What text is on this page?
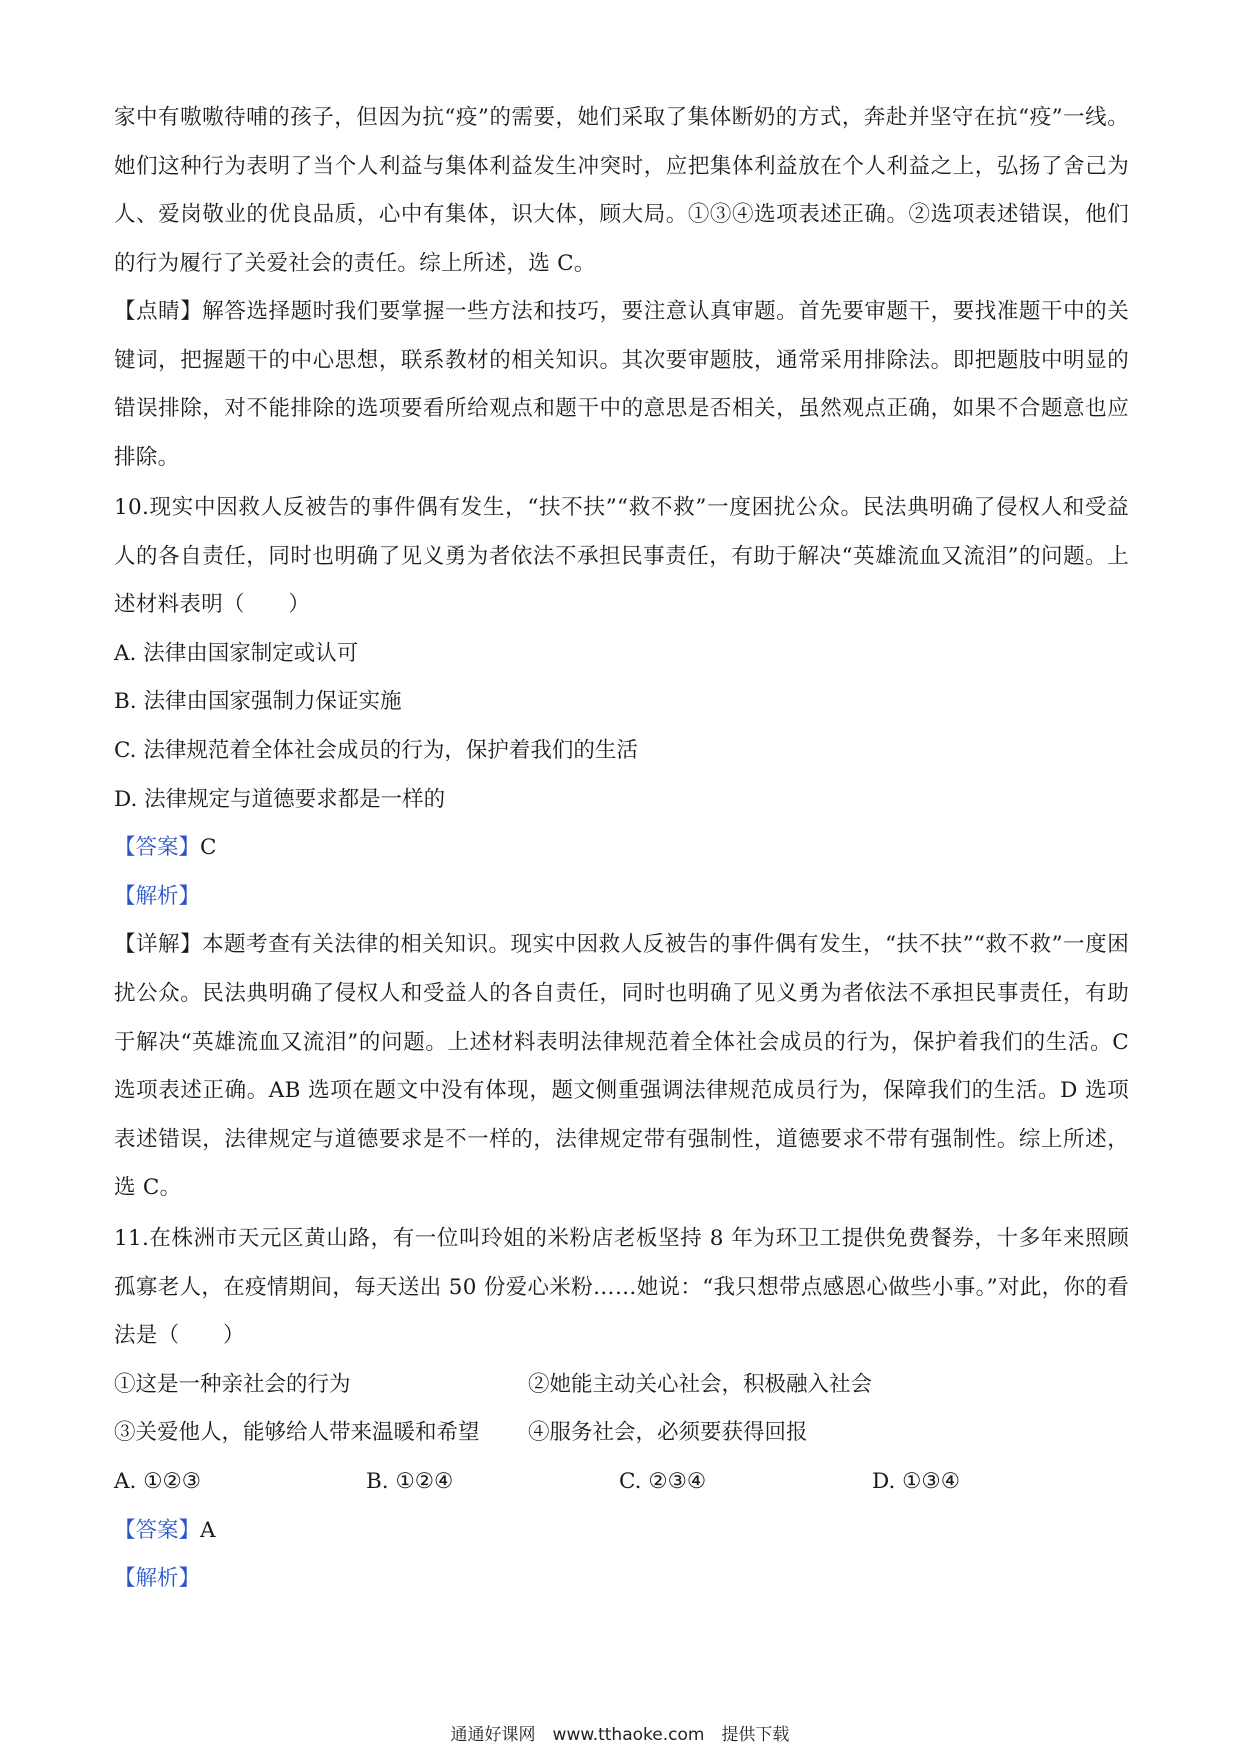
家中有嗷嗷待哺的孩子，但因为抗“疫”的需要，她们采取了集体断奶的方式，奔赴并坚守在抗“疫”一线。她们这种行为表明了当个人利益与集体利益发生冲突时，应把集体利益放在个人利益之上，弘扬了舍己为人、爱岗敬业的优良品质，心中有集体，识大体，顾大局。①③④选项表述正确。②选项表述错误，他们的行为履行了关爱社会的责任。综上所述，选 C。

【点睛】解答选择题时我们要掌握一些方法和技巧，要注意认真审题。首先要审题干，要找准题干中的关键词，把握题干的中心思想，联系教材的相关知识。其次要审题肢，通常采用排除法。即把题肢中明显的错误排除，对不能排除的选项要看所给观点和题干中的意思是否相关，虽然观点正确，如果不合题意也应排除。

10.现实中因救人反被告的事件偶有发生，“扶不扶”“救不救”一度困扰公众。民法典明确了侵权人和受益人的各自责任，同时也明确了见义勇为者依法不承担民事责任，有助于解决“英雄流血又流泪”的问题。上述材料表明（　　）

A. 法律由国家制定或认可

B. 法律由国家强制力保证实施

C. 法律规范着全体社会成员的行为，保护着我们的生活

D. 法律规定与道德要求都是一样的

【答案】C

【解析】

【详解】本题考查有关法律的相关知识。现实中因救人反被告的事件偶有发生，“扶不扶”“救不救”一度困扰公众。民法典明确了侵权人和受益人的各自责任，同时也明确了见义勇为者依法不承担民事责任，有助于解决“英雄流血又流泪”的问题。上述材料表明法律规范着全体社会成员的行为，保护着我们的生活。C 选项表述正确。AB 选项在题文中没有体现，题文侧重强调法律规范成员行为，保障我们的生活。D 选项表述错误，法律规定与道德要求是不一样的，法律规定带有强制性，道德要求不带有强制性。综上所述，选 C。

11.在株洲市天元区黄山路，有一位叫玲姐的米粉店老板坚持 8 年为环卫工提供免费餐券，十多年来照顾孤寡老人，在疫情期间，每天送出 50 份爱心米粉……她说：“我只想带点感恩心做些小事。”对此，你的看法是（　　）

①这是一种亲社会的行为	②她能主动关心社会，积极融入社会
③关爱他人，能够给人带来温暖和希望 ④服务社会，必须要获得回报
A. ①②③	B. ①②④	C. ②③④	D. ①③④

【答案】A

【解析】

通通好课网　www.tthaoke.com　提供下载
